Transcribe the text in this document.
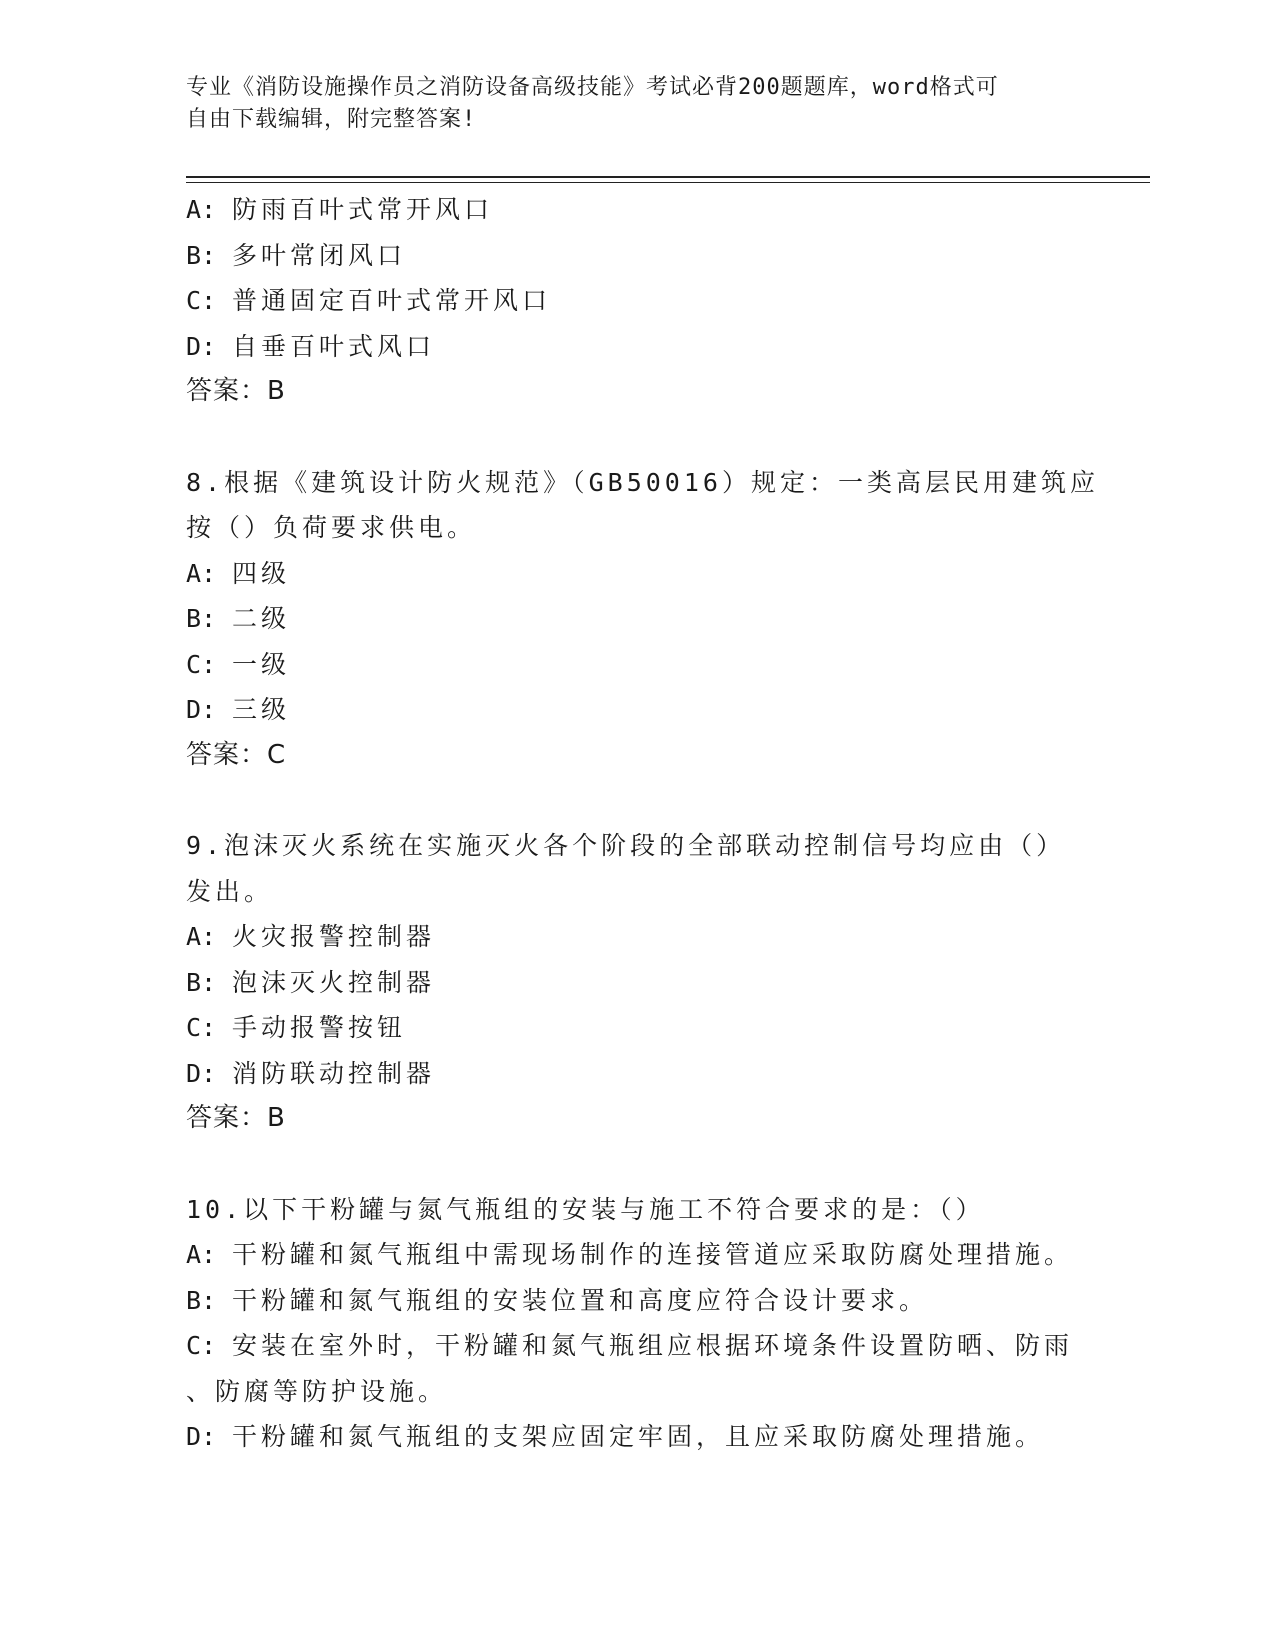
专业《消防设施操作员之消防设备高级技能》考试必背200题题库，word格式可
自由下载编辑，附完整答案!
A: 防雨百叶式常开风口
B: 多叶常闭风口
C: 普通固定百叶式常开风口
D: 自垂百叶式风口
答案：B
8.根据《建筑设计防火规范》（GB50016）规定：一类高层民用建筑应
按（）负荷要求供电。
A: 四级
B: 二级
C: 一级
D: 三级
答案：C
9.泡沫灭火系统在实施灭火各个阶段的全部联动控制信号均应由（）
发出。
A: 火灾报警控制器
B: 泡沫灭火控制器
C: 手动报警按钮
D: 消防联动控制器
答案：B
10.以下干粉罐与氮气瓶组的安装与施工不符合要求的是：（）
A: 干粉罐和氮气瓶组中需现场制作的连接管道应采取防腐处理措施。
B: 干粉罐和氮气瓶组的安装位置和高度应符合设计要求。
C: 安装在室外时，干粉罐和氮气瓶组应根据环境条件设置防晒、防雨
、防腐等防护设施。
D: 干粉罐和氮气瓶组的支架应固定牢固，且应采取防腐处理措施。
